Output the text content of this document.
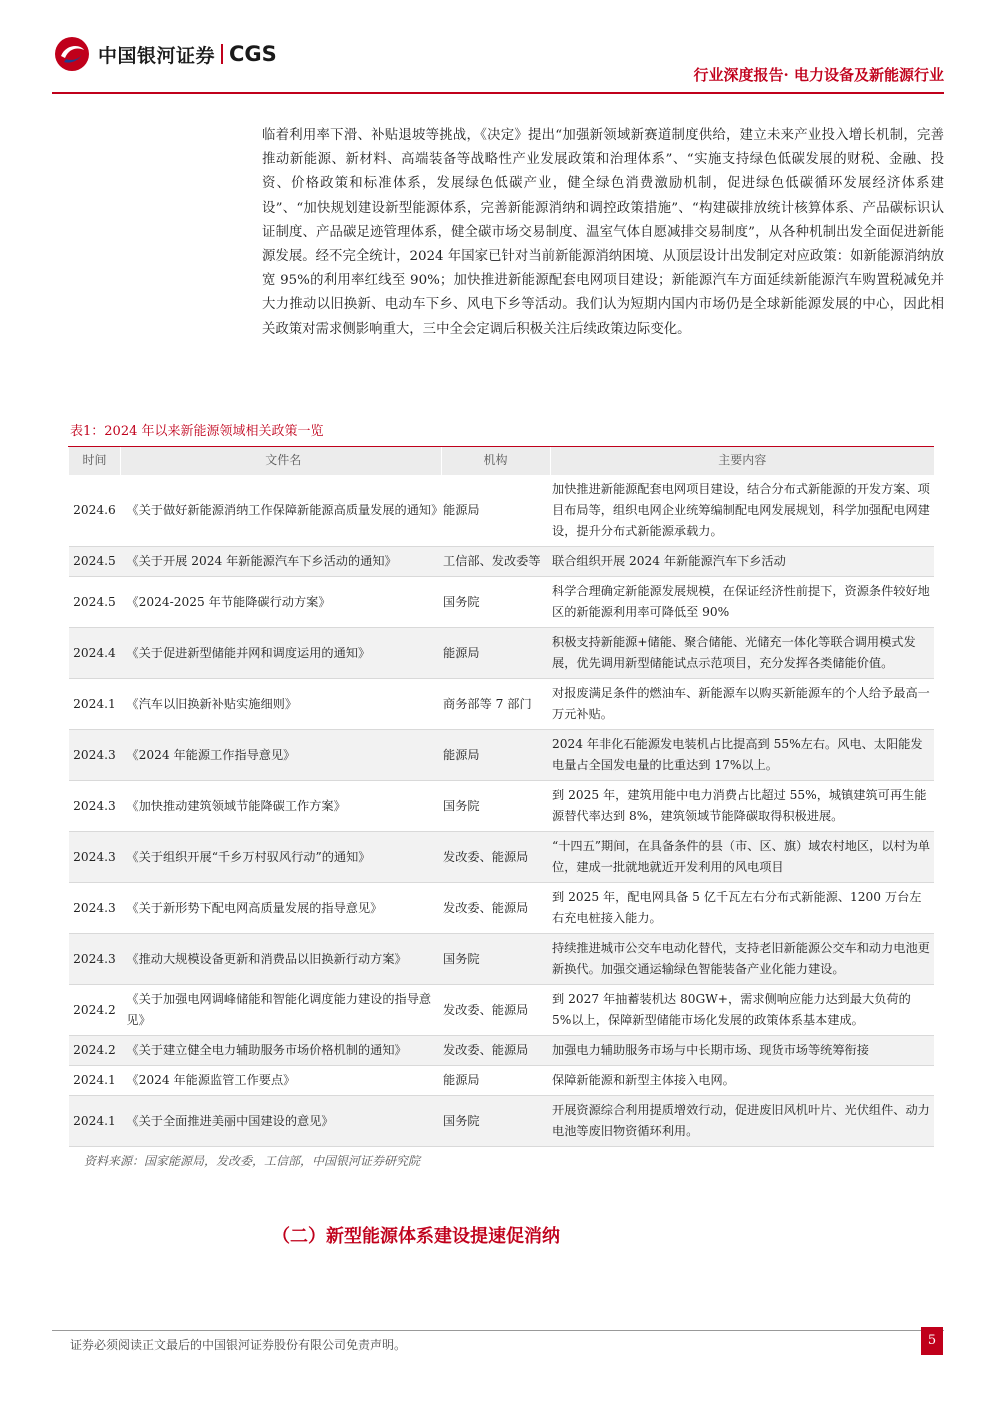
中国银河证券 CGS
行业深度报告· 电力设备及新能源行业
临着利用率下滑、补贴退坡等挑战，《决定》提出“加强新领域新赛道制度供给，建立未来产业投入增长机制，完善推动新能源、新材料、高端装备等战略性产业发展政策和治理体系”、“实施支持绿色低碳发展的财税、金融、投资、价格政策和标准体系，发展绿色低碳产业，健全绿色消费激励机制，促进绿色低碳循环发展经济体系建设”、“加快规划建设新型能源体系，完善新能源消纳和调控政策措施”、“构建碳排放统计核算体系、产品碳标识认证制度、产品碳足迹管理体系，健全碳市场交易制度、温室气体自愿减排交易制度”，从各种机制出发全面促进新能源发展。经不完全统计，2024 年国家已针对当前新能源消纳困境、从顶层设计出发制定对应政策：如新能源消纳放宽 95%的利用率红线至 90%；加快推进新能源配套电网项目建设；新能源汽车方面延续新能源汽车购置税减免并大力推动以旧换新、电动车下乡、风电下乡等活动。我们认为短期内国内市场仍是全球新能源发展的中心，因此相关政策对需求侧影响重大，三中全会定调后积极关注后续政策边际变化。
表1：2024 年以来新能源领域相关政策一览
时间	文件名	机构	主要内容
2024.6	《关于做好新能源消纳工作保障新能源高质量发展的通知》	能源局	加快推进新能源配套电网项目建设，结合分布式新能源的开发方案、项目布局等，组织电网企业统筹编制配电网发展规划，科学加强配电网建设，提升分布式新能源承载力。
2024.5	《关于开展 2024 年新能源汽车下乡活动的通知》	工信部、发改委等	联合组织开展 2024 年新能源汽车下乡活动
2024.5	《2024-2025 年节能降碳行动方案》	国务院	科学合理确定新能源发展规模，在保证经济性前提下，资源条件较好地区的新能源利用率可降低至 90%
2024.4	《关于促进新型储能并网和调度运用的通知》	能源局	积极支持新能源+储能、聚合储能、光储充一体化等联合调用模式发展，优先调用新型储能试点示范项目，充分发挥各类储能价值。
2024.1	《汽车以旧换新补贴实施细则》	商务部等 7 部门	对报废满足条件的燃油车、新能源车以购买新能源车的个人给予最高一万元补贴。
2024.3	《2024 年能源工作指导意见》	能源局	2024 年非化石能源发电装机占比提高到 55%左右。风电、太阳能发电量占全国发电量的比重达到 17%以上。
2024.3	《加快推动建筑领域节能降碳工作方案》	国务院	到 2025 年，建筑用能中电力消费占比超过 55%，城镇建筑可再生能源替代率达到 8%，建筑领域节能降碳取得积极进展。
2024.3	《关于组织开展“千乡万村驭风行动”的通知》	发改委、能源局	“十四五”期间，在具备条件的县（市、区、旗）域农村地区，以村为单位，建成一批就地就近开发利用的风电项目
2024.3	《关于新形势下配电网高质量发展的指导意见》	发改委、能源局	到 2025 年，配电网具备 5 亿千瓦左右分布式新能源、1200 万台左右充电桩接入能力。
2024.3	《推动大规模设备更新和消费品以旧换新行动方案》	国务院	持续推进城市公交车电动化替代，支持老旧新能源公交车和动力电池更新换代。加强交通运输绿色智能装备产业化能力建设。
2024.2	《关于加强电网调峰储能和智能化调度能力建设的指导意见》	发改委、能源局	到 2027 年抽蓄装机达 80GW+，需求侧响应能力达到最大负荷的 5%以上，保障新型储能市场化发展的政策体系基本建成。
2024.2	《关于建立健全电力辅助服务市场价格机制的通知》	发改委、能源局	加强电力辅助服务市场与中长期市场、现货市场等统筹衔接
2024.1	《2024 年能源监管工作要点》	能源局	保障新能源和新型主体接入电网。
2024.1	《关于全面推进美丽中国建设的意见》	国务院	开展资源综合利用提质增效行动，促进废旧风机叶片、光伏组件、动力电池等废旧物资循环利用。
资料来源：国家能源局，发改委，工信部，中国银河证券研究院
（二）新型能源体系建设提速促消纳
证券必须阅读正文最后的中国银河证券股份有限公司免责声明。	5
